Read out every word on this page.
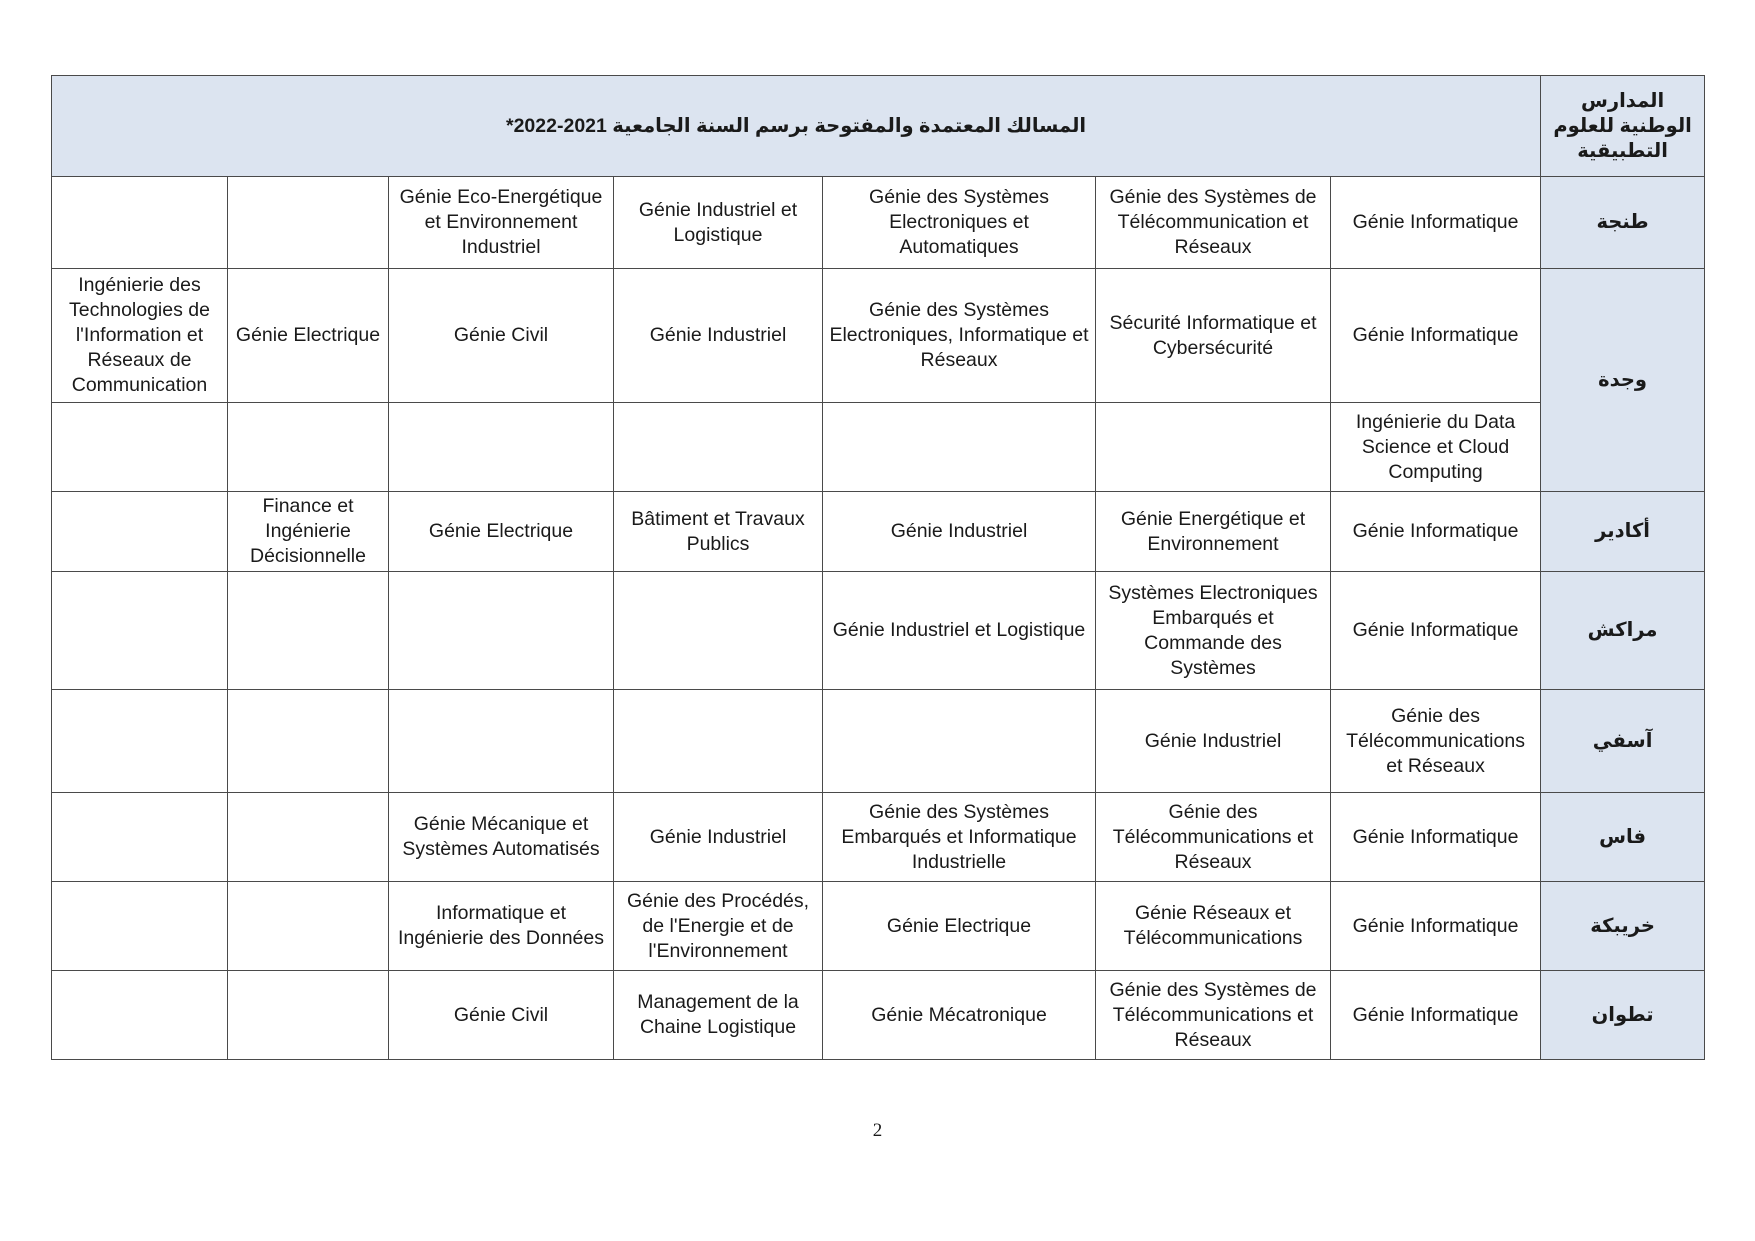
المسالك المعتمدة والمفتوحة برسم السنة الجامعية 2021-2022*							المدارس الوطنية للعلوم التطبيقية
		Génie Eco-Energétique et Environnement Industriel	Génie Industriel et Logistique	Génie des Systèmes Electroniques et Automatiques	Génie des Systèmes de Télécommunication et Réseaux	Génie Informatique	طنجة
Ingénierie des Technologies de l'Information et Réseaux de Communication	Génie Electrique	Génie Civil	Génie Industriel	Génie des Systèmes Electroniques, Informatique et Réseaux	Sécurité Informatique et Cybersécurité	Génie Informatique	وجدة
						Ingénierie du Data Science et Cloud Computing	
	Finance et Ingénierie Décisionnelle	Génie Electrique	Bâtiment et Travaux Publics	Génie Industriel	Génie Energétique et Environnement	Génie Informatique	أكادير
				Génie Industriel et Logistique	Systèmes Electroniques Embarqués et Commande des Systèmes	Génie Informatique	مراكش
					Génie Industriel	Génie des Télécommunications et Réseaux	آسفي
		Génie Mécanique et Systèmes Automatisés	Génie Industriel	Génie des Systèmes Embarqués et Informatique Industrielle	Génie des Télécommunications et Réseaux	Génie Informatique	فاس
		Informatique et Ingénierie des Données	Génie des Procédés, de l'Energie et de l'Environnement	Génie Electrique	Génie Réseaux et Télécommunications	Génie Informatique	خريبكة
		Génie Civil	Management de la Chaine Logistique	Génie Mécatronique	Génie des Systèmes de Télécommunications et Réseaux	Génie Informatique	تطوان
2
